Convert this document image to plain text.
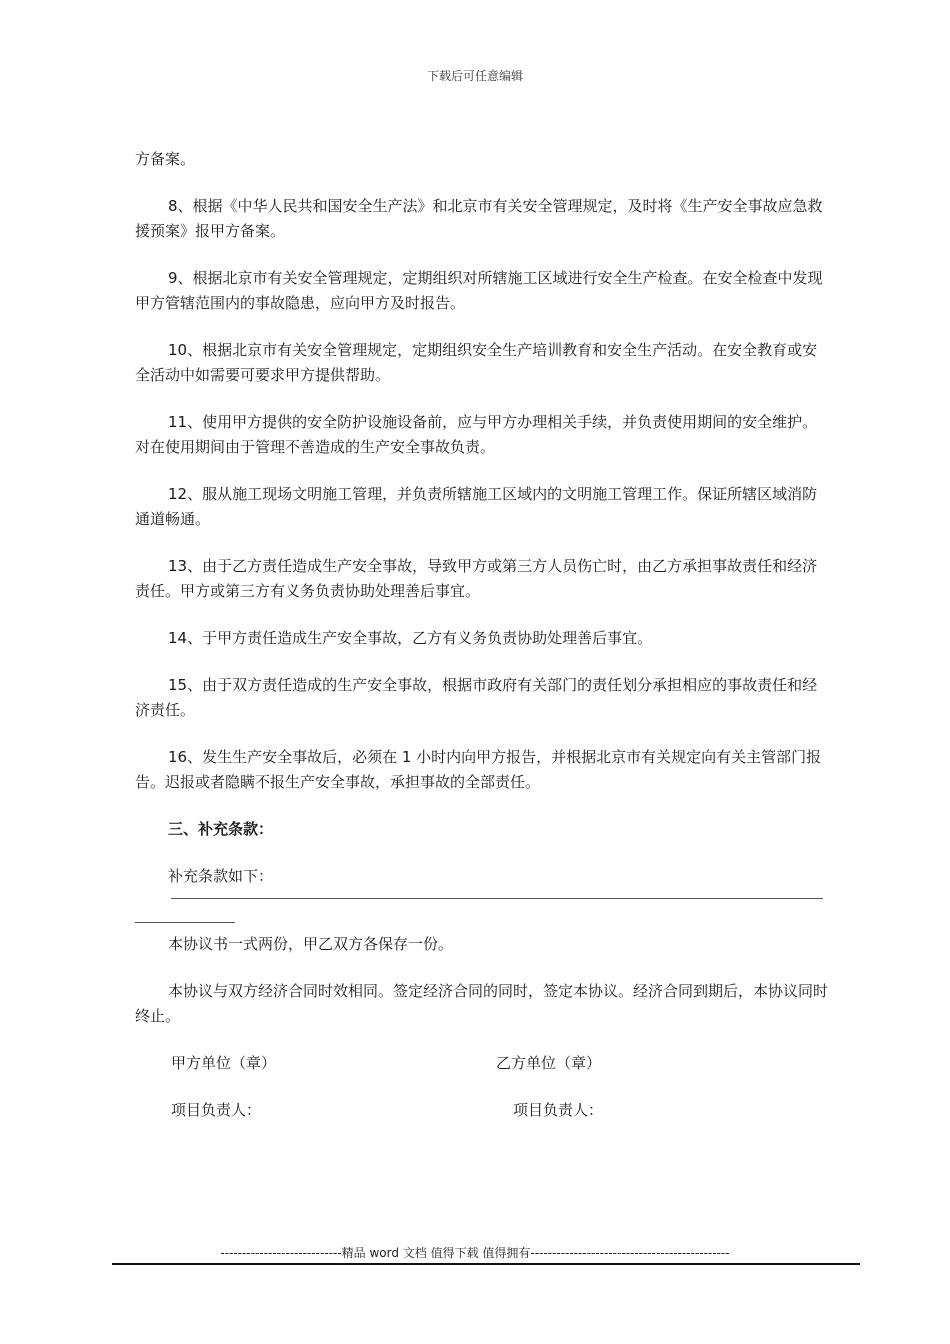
下载后可任意编辑

方备案。

8、根据《中华人民共和国安全生产法》和北京市有关安全管理规定，及时将《生产安全事故应急救援预案》报甲方备案。

9、根据北京市有关安全管理规定，定期组织对所辖施工区域进行安全生产检查。在安全检查中发现甲方管辖范围内的事故隐患，应向甲方及时报告。

10、根据北京市有关安全管理规定，定期组织安全生产培训教育和安全生产活动。在安全教育或安全活动中如需要可要求甲方提供帮助。

11、使用甲方提供的安全防护设施设备前，应与甲方办理相关手续，并负责使用期间的安全维护。对在使用期间由于管理不善造成的生产安全事故负责。

12、服从施工现场文明施工管理，并负责所辖施工区域内的文明施工管理工作。保证所辖区域消防通道畅通。

13、由于乙方责任造成生产安全事故，导致甲方或第三方人员伤亡时，由乙方承担事故责任和经济责任。甲方或第三方有义务负责协助处理善后事宜。

14、于甲方责任造成生产安全事故，乙方有义务负责协助处理善后事宜。

15、由于双方责任造成的生产安全事故，根据市政府有关部门的责任划分承担相应的事故责任和经济责任。

16、发生生产安全事故后，必须在 1 小时内向甲方报告，并根据北京市有关规定向有关主管部门报告。迟报或者隐瞒不报生产安全事故，承担事故的全部责任。

三、补充条款：

补充条款如下：

本协议书一式两份，甲乙双方各保存一份。

本协议与双方经济合同时效相同。签定经济合同的同时，签定本协议。经济合同到期后，本协议同时终止。

甲方单位（章）	乙方单位（章）
项目负责人：	项目负责人：
----------------------------精品 word 文档 值得下载 值得拥有----------------------------------------------
